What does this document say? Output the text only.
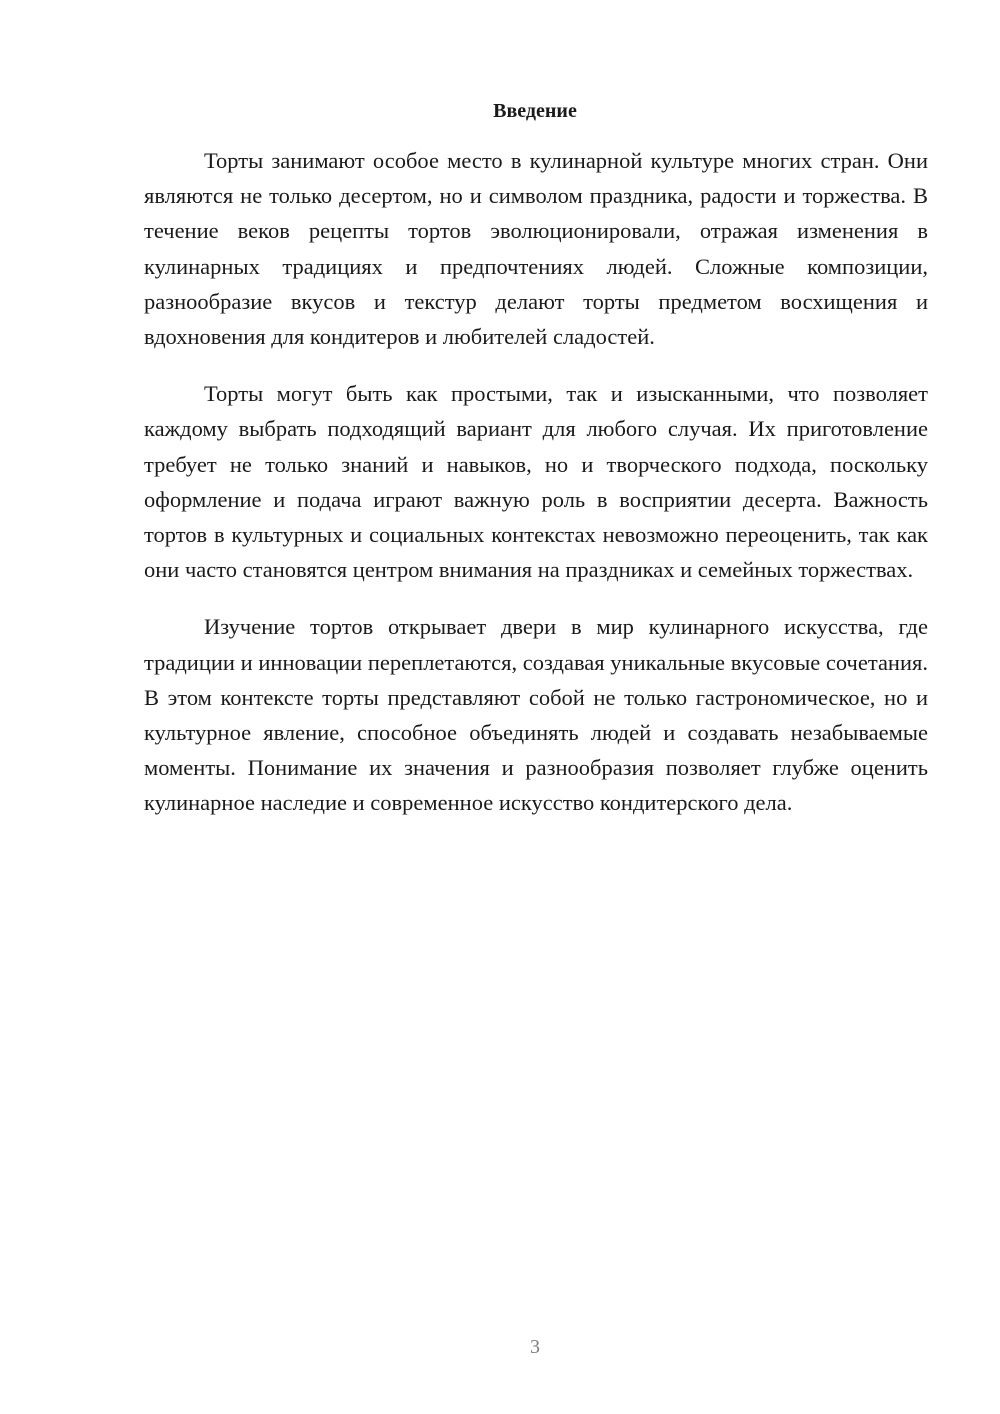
Введение

Торты занимают особое место в кулинарной культуре многих стран. Они являются не только десертом, но и символом праздника, радости и торжества. В течение веков рецепты тортов эволюционировали, отражая изменения в кулинарных традициях и предпочтениях людей. Сложные композиции, разнообразие вкусов и текстур делают торты предметом восхищения и вдохновения для кондитеров и любителей сладостей.

Торты могут быть как простыми, так и изысканными, что позволяет каждому выбрать подходящий вариант для любого случая. Их приготовление требует не только знаний и навыков, но и творческого подхода, поскольку оформление и подача играют важную роль в восприятии десерта. Важность тортов в культурных и социальных контекстах невозможно переоценить, так как они часто становятся центром внимания на праздниках и семейных торжествах.

Изучение тортов открывает двери в мир кулинарного искусства, где традиции и инновации переплетаются, создавая уникальные вкусовые сочетания. В этом контексте торты представляют собой не только гастрономическое, но и культурное явление, способное объединять людей и создавать незабываемые моменты. Понимание их значения и разнообразия позволяет глубже оценить кулинарное наследие и современное искусство кондитерского дела.

3
